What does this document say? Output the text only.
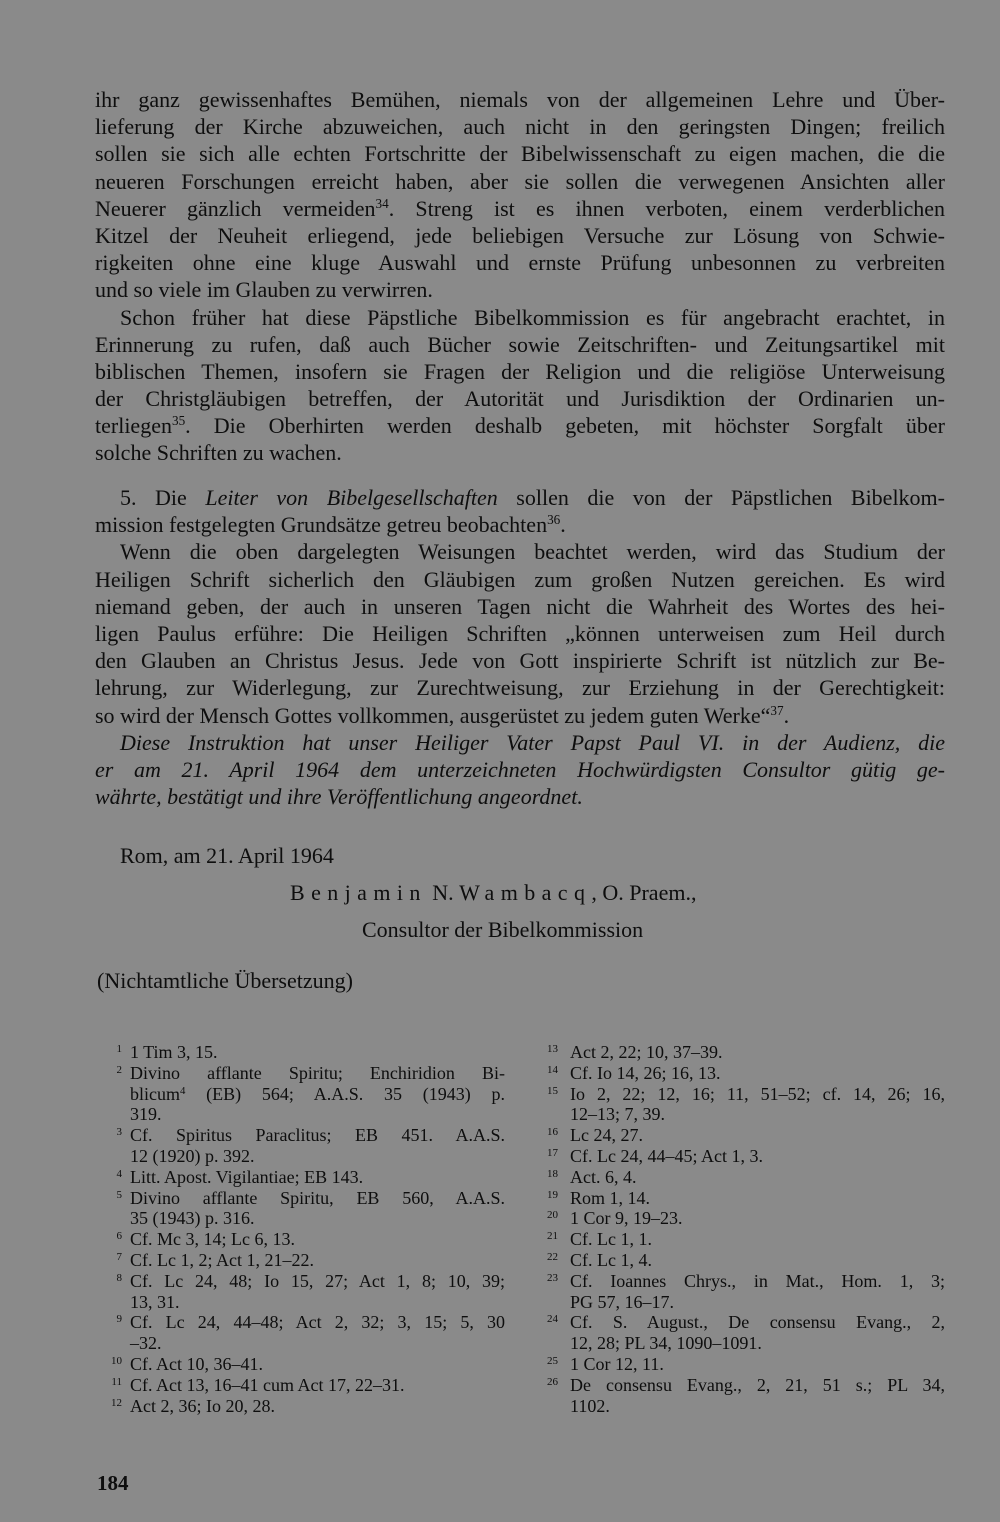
ihr ganz gewissenhaftes Bemühen, niemals von der allgemeinen Lehre und Über-
lieferung der Kirche abzuweichen, auch nicht in den geringsten Dingen; freilich
sollen sie sich alle echten Fortschritte der Bibelwissenschaft zu eigen machen, die die
neueren Forschungen erreicht haben, aber sie sollen die verwegenen Ansichten aller
Neuerer gänzlich vermeiden$^{34}$. Streng ist es ihnen verboten, einem verderblichen
Kitzel der Neuheit erliegend, jede beliebigen Versuche zur Lösung von Schwie-
rigkeiten ohne eine kluge Auswahl und ernste Prüfung unbesonnen zu verbreiten
und so viele im Glauben zu verwirren.
Schon früher hat diese Päpstliche Bibelkommission es für angebracht erachtet, in
Erinnerung zu rufen, daß auch Bücher sowie Zeitschriften- und Zeitungsartikel mit
biblischen Themen, insofern sie Fragen der Religion und die religiöse Unterweisung
der Christgläubigen betreffen, der Autorität und Jurisdiktion der Ordinarien un-
terliegen$^{35}$. Die Oberhirten werden deshalb gebeten, mit höchster Sorgfalt über
solche Schriften zu wachen.
5. Die Leiter von Bibelgesellschaften sollen die von der Päpstlichen Bibelkom-
mission festgelegten Grundsätze getreu beobachten$^{36}$.
Wenn die oben dargelegten Weisungen beachtet werden, wird das Studium der
Heiligen Schrift sicherlich den Gläubigen zum großen Nutzen gereichen. Es wird
niemand geben, der auch in unseren Tagen nicht die Wahrheit des Wortes des hei-
ligen Paulus erführe: Die Heiligen Schriften „können unterweisen zum Heil durch
den Glauben an Christus Jesus. Jede von Gott inspirierte Schrift ist nützlich zur Be-
lehrung, zur Widerlegung, zur Zurechtweisung, zur Erziehung in der Gerechtigkeit:
so wird der Mensch Gottes vollkommen, ausgerüstet zu jedem guten Werke“$^{37}$.
Diese Instruktion hat unser Heiliger Vater Papst Paul VI. in der Audienz, die
er am 21. April 1964 dem unterzeichneten Hochwürdigsten Consultor gütig ge-
währte, bestätigt und ihre Veröffentlichung angeordnet.
Rom, am 21. April 1964
Benjamin N. Wambacq, O. Praem.,
Consultor der Bibelkommission
(Nichtamtliche Übersetzung)
1 1 Tim 3, 15.
2 Divino afflante Spiritu; Enchiridion Bi-
blicum$^4$ (EB) 564; A.A.S. 35 (1943) p.
319.
3 Cf. Spiritus Paraclitus; EB 451. A.A.S.
12 (1920) p. 392.
4 Litt. Apost. Vigilantiae; EB 143.
5 Divino afflante Spiritu, EB 560, A.A.S.
35 (1943) p. 316.
6 Cf. Mc 3, 14; Lc 6, 13.
7 Cf. Lc 1, 2; Act 1, 21–22.
8 Cf. Lc 24, 48; Io 15, 27; Act 1, 8; 10, 39;
13, 31.
9 Cf. Lc 24, 44–48; Act 2, 32; 3, 15; 5, 30
–32.
10 Cf. Act 10, 36–41.
11 Cf. Act 13, 16–41 cum Act 17, 22–31.
12 Act 2, 36; Io 20, 28.
13 Act 2, 22; 10, 37–39.
14 Cf. Io 14, 26; 16, 13.
15 Io 2, 22; 12, 16; 11, 51–52; cf. 14, 26; 16,
12–13; 7, 39.
16 Lc 24, 27.
17 Cf. Lc 24, 44–45; Act 1, 3.
18 Act. 6, 4.
19 Rom 1, 14.
20 1 Cor 9, 19–23.
21 Cf. Lc 1, 1.
22 Cf. Lc 1, 4.
23 Cf. Ioannes Chrys., in Mat., Hom. 1, 3;
PG 57, 16–17.
24 Cf. S. August., De consensu Evang., 2,
12, 28; PL 34, 1090–1091.
25 1 Cor 12, 11.
26 De consensu Evang., 2, 21, 51 s.; PL 34,
1102.
184
